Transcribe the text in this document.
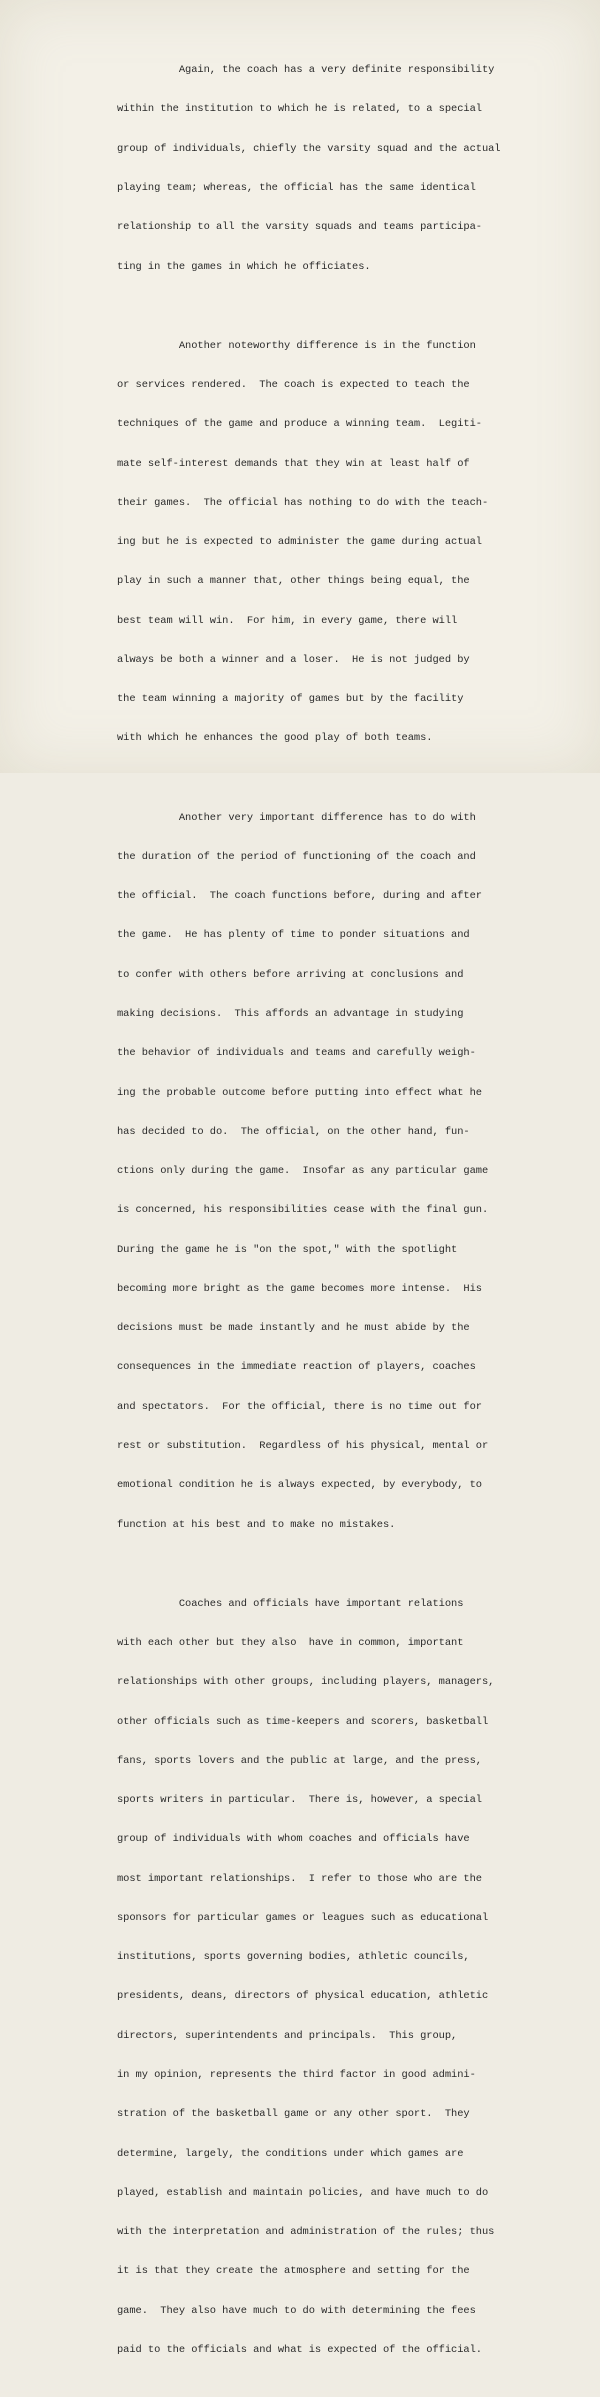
Again, the coach has a very definite responsibility

within the institution to which he is related, to a special

group of individuals, chiefly the varsity squad and the actual

playing team; whereas, the official has the same identical

relationship to all the varsity squads and teams participa-

ting in the games in which he officiates.

Another noteworthy difference is in the function

or services rendered.  The coach is expected to teach the

techniques of the game and produce a winning team.  Legiti-

mate self-interest demands that they win at least half of

their games.  The official has nothing to do with the teach-

ing but he is expected to administer the game during actual

play in such a manner that, other things being equal, the

best team will win.  For him, in every game, there will

always be both a winner and a loser.  He is not judged by

the team winning a majority of games but by the facility

with which he enhances the good play of both teams.

Another very important difference has to do with

the duration of the period of functioning of the coach and

the official.  The coach functions before, during and after

the game.  He has plenty of time to ponder situations and

to confer with others before arriving at conclusions and

making decisions.  This affords an advantage in studying

the behavior of individuals and teams and carefully weigh-

ing the probable outcome before putting into effect what he

has decided to do.  The official, on the other hand, fun-

ctions only during the game.  Insofar as any particular game

is concerned, his responsibilities cease with the final gun.

During the game he is "on the spot," with the spotlight

becoming more bright as the game becomes more intense.  His

decisions must be made instantly and he must abide by the

consequences in the immediate reaction of players, coaches

and spectators.  For the official, there is no time out for

rest or substitution.  Regardless of his physical, mental or

emotional condition he is always expected, by everybody, to

function at his best and to make no mistakes.

Coaches and officials have important relations

with each other but they also  have in common, important

relationships with other groups, including players, managers,

other officials such as time-keepers and scorers, basketball

fans, sports lovers and the public at large, and the press,

sports writers in particular.  There is, however, a special

group of individuals with whom coaches and officials have

most important relationships.  I refer to those who are the

sponsors for particular games or leagues such as educational

institutions, sports governing bodies, athletic councils,

presidents, deans, directors of physical education, athletic

directors, superintendents and principals.  This group,

in my opinion, represents the third factor in good admini-

stration of the basketball game or any other sport.  They

determine, largely, the conditions under which games are

played, establish and maintain policies, and have much to do

with the interpretation and administration of the rules; thus

it is that they create the atmosphere and setting for the

game.  They also have much to do with determining the fees

paid to the officials and what is expected of the official.
